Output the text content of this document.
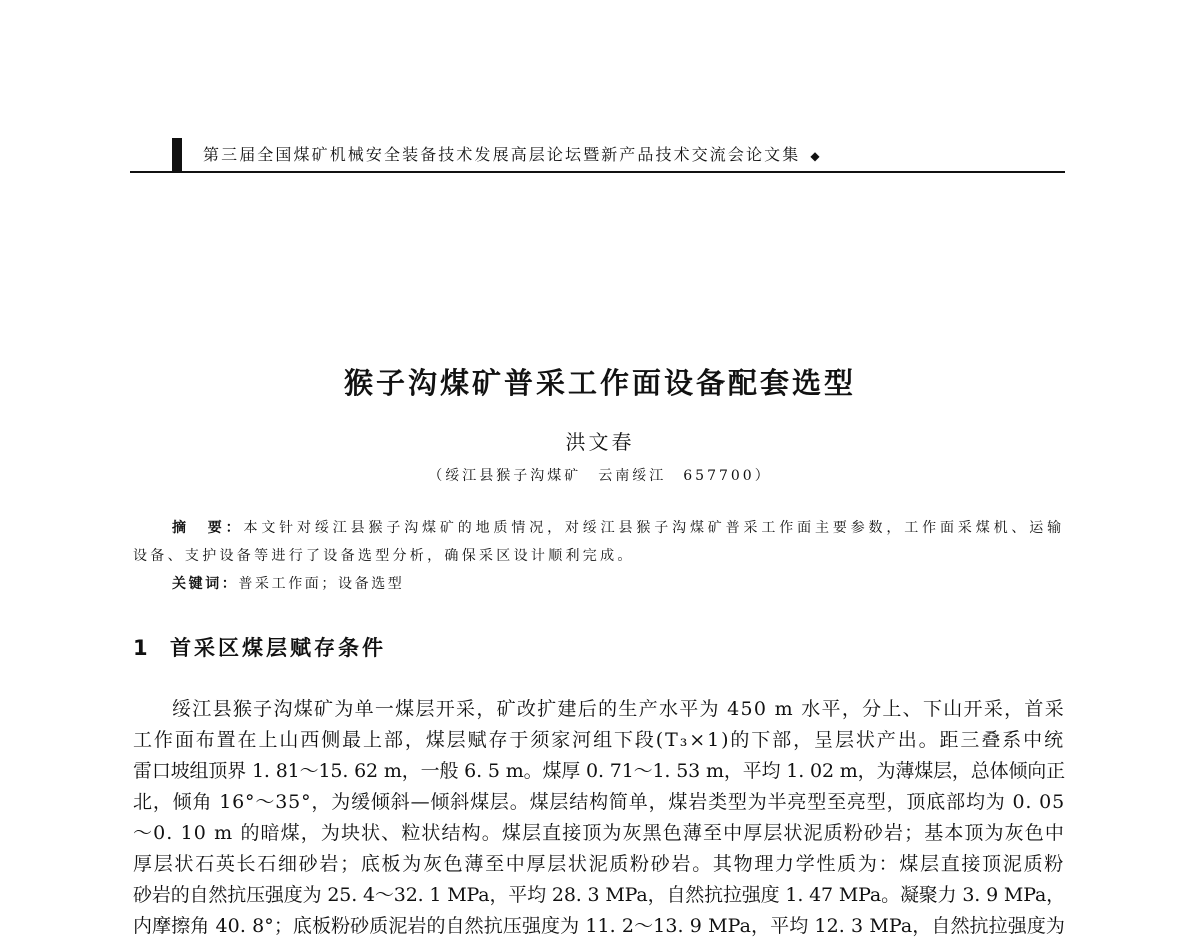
第三届全国煤矿机械安全装备技术发展高层论坛暨新产品技术交流会论文集 ◆
猴子沟煤矿普采工作面设备配套选型
洪文春
（绥江县猴子沟煤矿　云南绥江　657700）
摘　要：本文针对绥江县猴子沟煤矿的地质情况，对绥江县猴子沟煤矿普采工作面主要参数，工作面采煤机、运输
设备、支护设备等进行了设备选型分析，确保采区设计顺利完成。
关键词：普采工作面；设备选型
1 首采区煤层赋存条件
绥江县猴子沟煤矿为单一煤层开采，矿改扩建后的生产水平为 450 m 水平，分上、下山开采，首采
工作面布置在上山西侧最上部，煤层赋存于须家河组下段(T₃×1)的下部，呈层状产出。距三叠系中统
雷口坡组顶界 1. 81～15. 62 m，一般 6. 5 m。煤厚 0. 71～1. 53 m，平均 1. 02 m，为薄煤层，总体倾向正
北，倾角 16°～35°，为缓倾斜—倾斜煤层。煤层结构简单，煤岩类型为半亮型至亮型，顶底部均为 0. 05
～0. 10 m 的暗煤，为块状、粒状结构。煤层直接顶为灰黑色薄至中厚层状泥质粉砂岩；基本顶为灰色中
厚层状石英长石细砂岩；底板为灰色薄至中厚层状泥质粉砂岩。其物理力学性质为：煤层直接顶泥质粉
砂岩的自然抗压强度为 25. 4～32. 1 MPa，平均 28. 3 MPa，自然抗拉强度 1. 47 MPa。凝聚力 3. 9 MPa，
内摩擦角 40. 8°；底板粉砂质泥岩的自然抗压强度为 11. 2～13. 9 MPa，平均 12. 3 MPa，自然抗拉强度为
